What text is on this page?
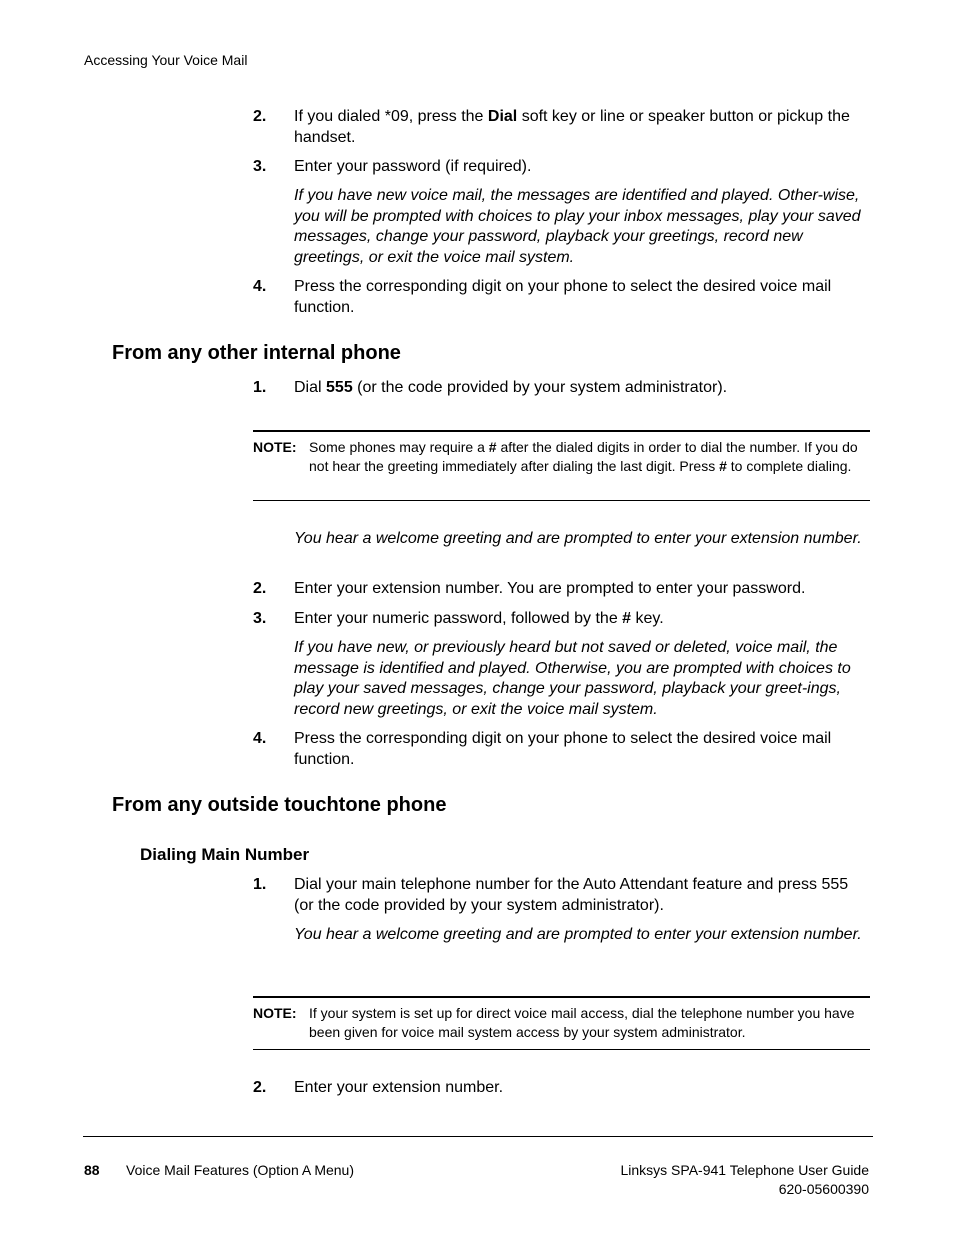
Accessing Your Voice Mail
2. If you dialed *09, press the Dial soft key or line or speaker button or pickup the handset.
3. Enter your password (if required).
If you have new voice mail, the messages are identified and played. Other-wise, you will be prompted with choices to play your inbox messages, play your saved messages, change your password, playback your greetings, record new greetings, or exit the voice mail system.
4. Press the corresponding digit on your phone to select the desired voice mail function.
From any other internal phone
1. Dial 555 (or the code provided by your system administrator).
NOTE: Some phones may require a # after the dialed digits in order to dial the number. If you do not hear the greeting immediately after dialing the last digit. Press # to complete dialing.
You hear a welcome greeting and are prompted to enter your extension number.
2. Enter your extension number. You are prompted to enter your password.
3. Enter your numeric password, followed by the # key.
If you have new, or previously heard but not saved or deleted, voice mail, the message is identified and played. Otherwise, you are prompted with choices to play your saved messages, change your password, playback your greet-ings, record new greetings, or exit the voice mail system.
4. Press the corresponding digit on your phone to select the desired voice mail function.
From any outside touchtone phone
Dialing Main Number
1. Dial your main telephone number for the Auto Attendant feature and press 555 (or the code provided by your system administrator).
You hear a welcome greeting and are prompted to enter your extension number.
NOTE: If your system is set up for direct voice mail access, dial the telephone number you have been given for voice mail system access by your system administrator.
2. Enter your extension number.
88 Voice Mail Features (Option A Menu)	Linksys SPA-941 Telephone User Guide
620-05600390
